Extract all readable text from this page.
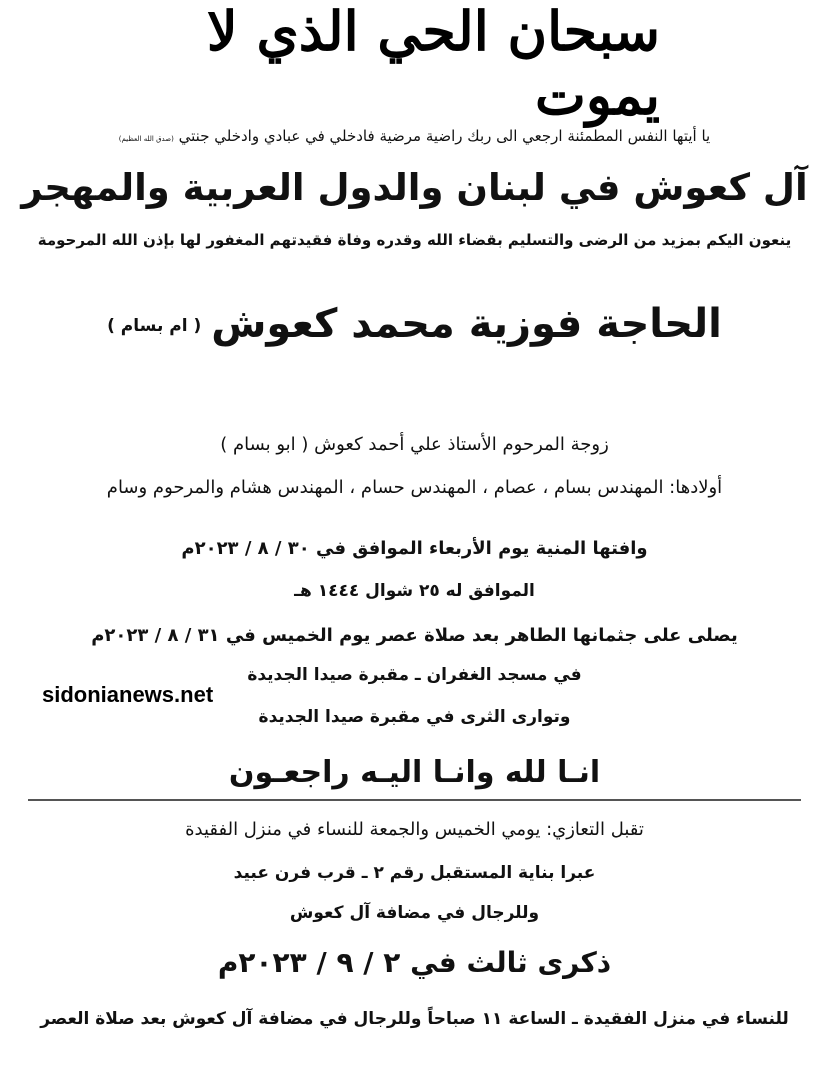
سبحان الحي الذي لا يموت
يا أيتها النفس المطمئنة ارجعي الى ربك راضية مرضية فادخلي في عبادي وادخلي جنتي (صدق الله العظيم)
آل كعوش في لبنان والدول العربية والمهجر
ينعون اليكم بمزيد من الرضى والتسليم بقضاء الله وقدره وفاة فقيدتهم المغفور لها بإذن الله المرحومة
الحاجة فوزية محمد كعوش( ام بسام )
زوجة المرحوم الأستاذ علي أحمد كعوش ( ابو بسام )
أولادها: المهندس بسام ، عصام ، المهندس حسام ، المهندس هشام والمرحوم وسام
وافتها المنية يوم الأربعاء الموافق في ٣٠ / ٨ / ٢٠٢٣م
الموافق له ٢٥ شوال ١٤٤٤ هـ
يصلى على جثمانها الطاهر بعد صلاة عصر يوم الخميس في ٣١ / ٨ / ٢٠٢٣م
في مسجد الغفران ـ مقبرة صيدا الجديدة
وتوارى الثرى في مقبرة صيدا الجديدة
انـا لله وانـا اليـه راجعـون
تقبل التعازي: يومي الخميس والجمعة للنساء في منزل الفقيدة
عبرا بناية المستقبل رقم ٢ ـ قرب فرن عبيد
وللرجال في مضافة آل كعوش
ذكرى ثالث في ٢ / ٩ / ٢٠٢٣م
للنساء في منزل الفقيدة ـ الساعة ١١ صباحاً وللرجال في مضافة آل كعوش بعد صلاة العصر
sidonianews.net
